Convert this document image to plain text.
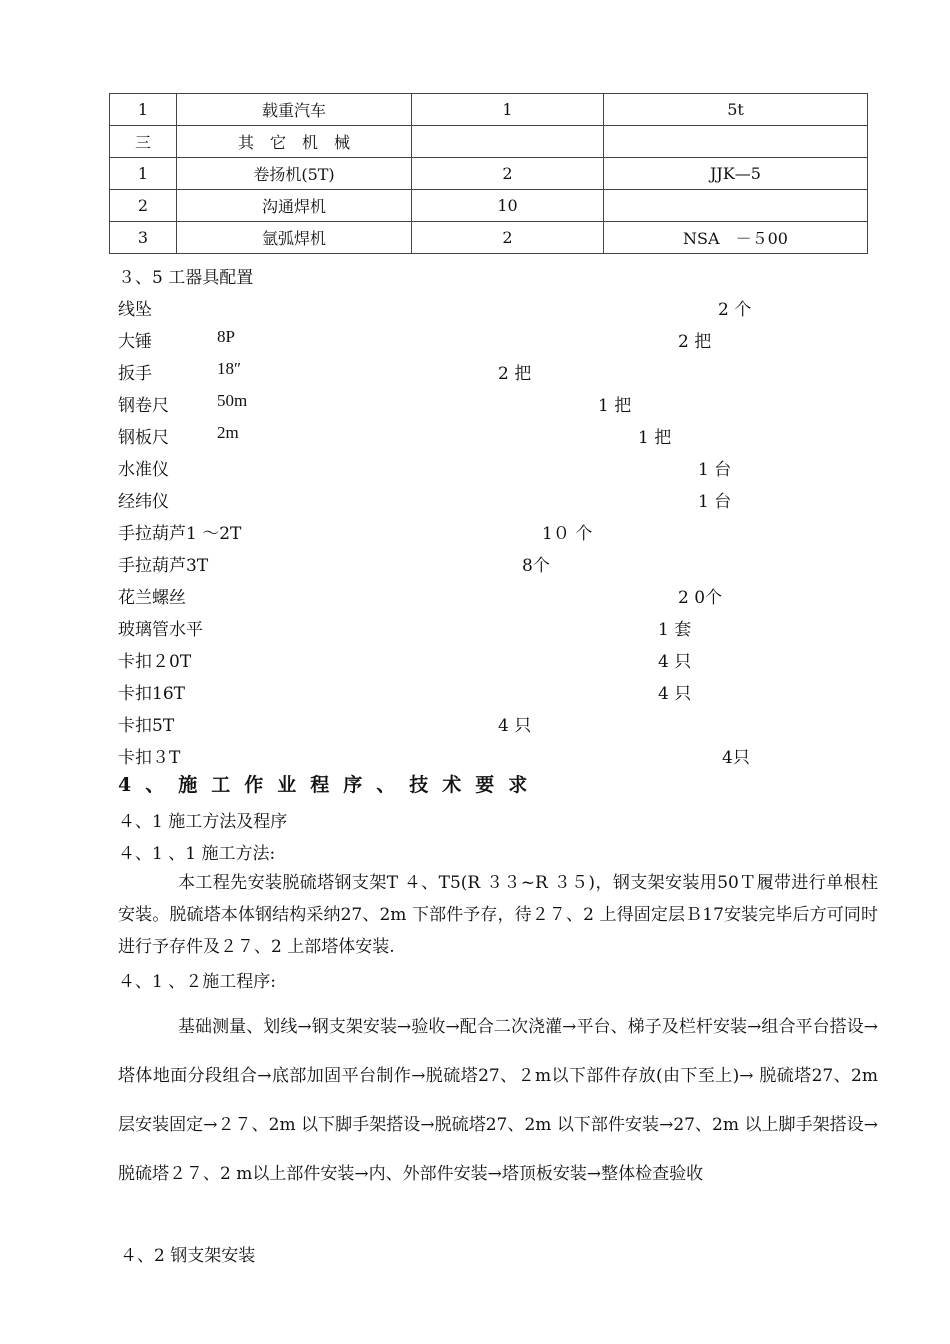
1	载重汽车	1	5t
三	其　它　机　械		
1	卷扬机(5T)	2	JJK—5
2	沟通焊机	10	
3	氩弧焊机	2	NSA　－５00
３、5 工器具配置
线坠	2 个
大锤	8P	2 把
扳手	18″	2 把
钢卷尺	50m	1 把
钢板尺	2m	1 把
水准仪	1 台
经纬仪	1 台
手拉葫芦1 ～2T	1０ 个
手拉葫芦3T	8个
花兰螺丝	2 0个
玻璃管水平	1 套
卡扣２0T	4 只
卡扣16T	4 只
卡扣5T	4 只
卡扣３T	4只
4、施工作业程序、技术要求
４、1 施工方法及程序
４、1 、1 施工方法:

本工程先安装脱硫塔钢支架T ４、T5(R ３３~R ３５)，钢支架安装用50Ｔ履带进行单根柱安装。脱硫塔本体钢结构采纳27、2m 下部件予存，待２７、2 上得固定层Ｂ17安装完毕后方可同时进行予存件及２７、2 上部塔体安装.

４、1 、２施工程序:

基础测量、划线→钢支架安装→验收→配合二次浇灌→平台、梯子及栏杆安装→组合平台搭设→塔体地面分段组合→底部加固平台制作→脱硫塔27、２m以下部件存放(由下至上)→ 脱硫塔27、2m 层安装固定→２７、2m 以下脚手架搭设→脱硫塔27、2m 以下部件安装→27、2m 以上脚手架搭设→脱硫塔２７、2 m以上部件安装→内、外部件安装→塔顶板安装→整体检查验收

４、2 钢支架安装
